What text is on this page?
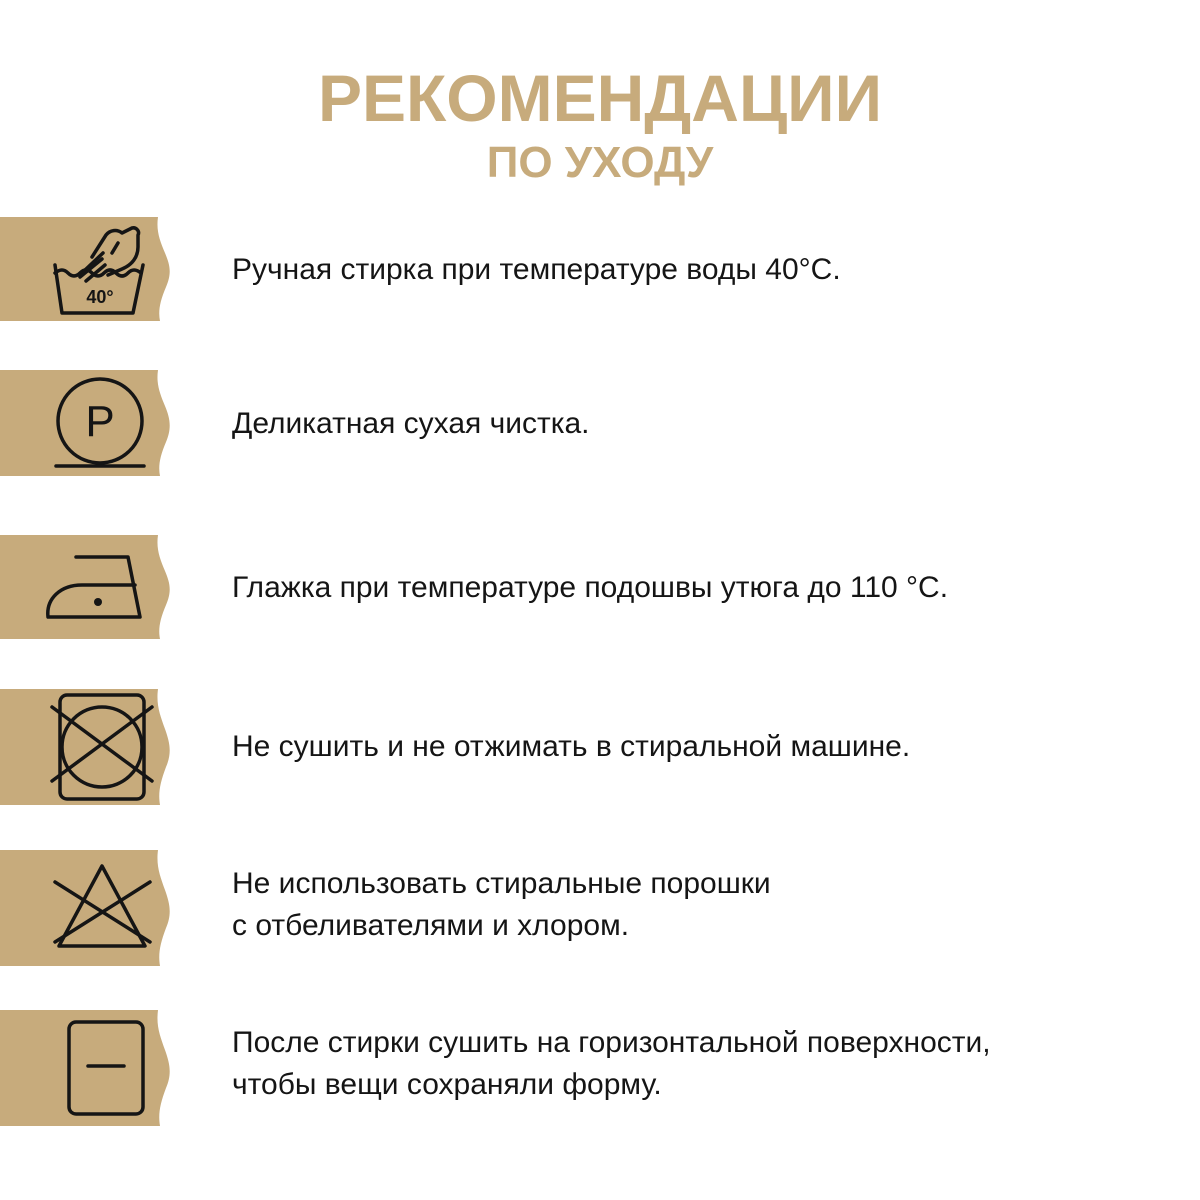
РЕКОМЕНДАЦИИ
ПО УХОДУ
40°

Ручная стирка при температуре воды 40°С.

P	Деликатная сухая чистка.

Глажка при температуре подошвы утюга до 110 °С.

Не сушить и не отжимать в стиральной машине.

Не использовать стиральные порошки
с отбеливателями и хлором.

После стирки сушить на горизонтальной поверхности,
чтобы вещи сохраняли форму.
